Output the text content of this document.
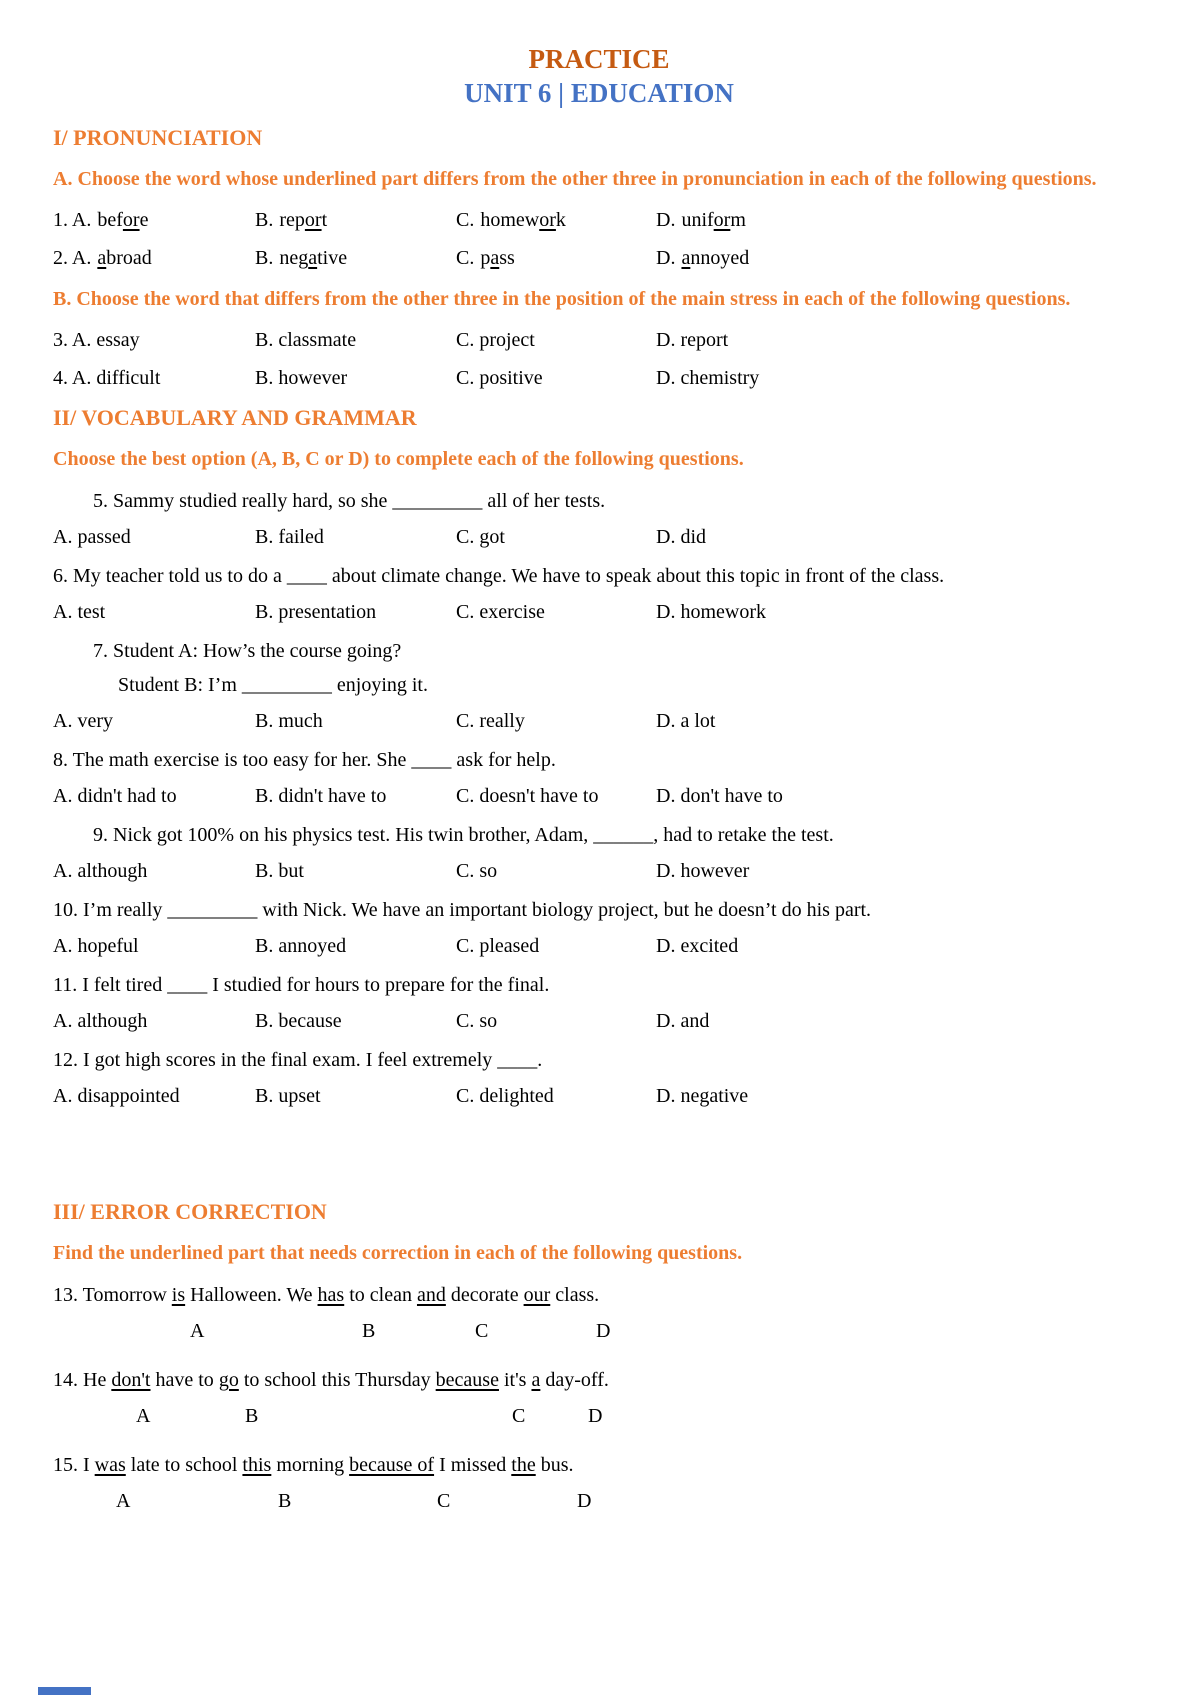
PRACTICE
UNIT 6 | EDUCATION
I/ PRONUNCIATION

A. Choose the word whose underlined part differs from the other three in pronunciation in each of the following questions.

1. A. before	B. report	C. homework	D. uniform
2. A. abroad	B. negative	C. pass	D. annoyed

B. Choose the word that differs from the other three in the position of the main stress in each of the following questions.

3. A. essay	B. classmate	C. project	D. report
4. A. difficult	B. however	C. positive	D. chemistry
II/ VOCABULARY AND GRAMMAR

Choose the best option (A, B, C or D) to complete each of the following questions.

5. Sammy studied really hard, so she _________ all of her tests.

A. passed	B. failed	C. got	D. did

6. My teacher told us to do a ____ about climate change. We have to speak about this topic in front of the class.

A. test	B. presentation	C. exercise	D. homework

7. Student A: How’s the course going?

Student B: I’m _________ enjoying it.

A. very	B. much	C. really	D. a lot

8. The math exercise is too easy for her. She ____ ask for help.

A. didn't had to	B. didn't have to	C. doesn't have to	D. don't have to

9. Nick got 100% on his physics test. His twin brother, Adam, ______, had to retake the test.

A. although	B. but	C. so	D. however

10. I’m really _________ with Nick. We have an important biology project, but he doesn’t do his part.

A. hopeful	B. annoyed	C. pleased	D. excited

11. I felt tired ____ I studied for hours to prepare for the final.

A. although	B. because	C. so	D. and

12. I got high scores in the final exam. I feel extremely ____.

A. disappointed	B. upset	C. delighted	D. negative
III/ ERROR CORRECTION

Find the underlined part that needs correction in each of the following questions.

13. Tomorrow is Halloween. We has to clean and decorate our class.

A	B	C	D

14. He don't have to go to school this Thursday because it's a day-off.

A	B	C	D

15. I was late to school this morning because of I missed the bus.

A	B	C	D
